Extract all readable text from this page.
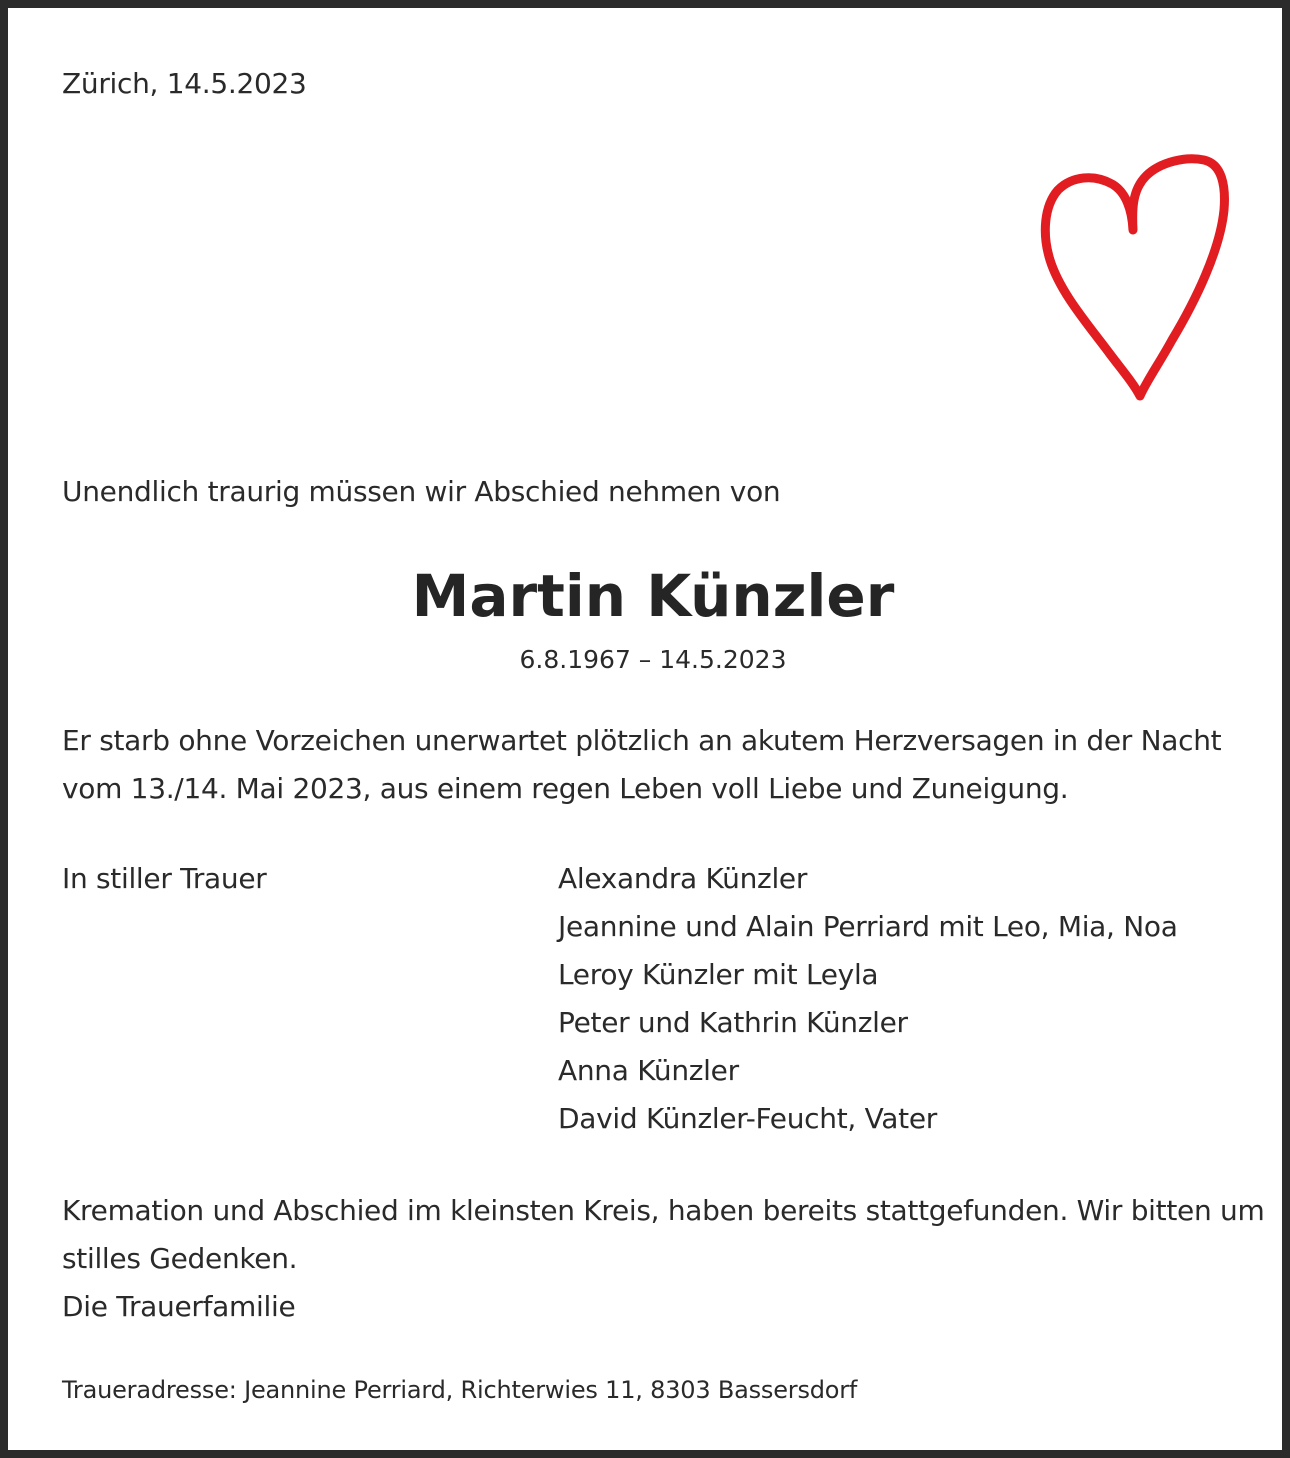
Zürich, 14.5.2023
Unendlich traurig müssen wir Abschied nehmen von
Martin Künzler
6.8.1967 – 14.5.2023
Er starb ohne Vorzeichen unerwartet plötzlich an akutem Herzversagen in der Nacht
vom 13./14. Mai 2023, aus einem regen Leben voll Liebe und Zuneigung.
In stiller Trauer	Alexandra Künzler
Jeannine und Alain Perriard mit Leo, Mia, Noa
Leroy Künzler mit Leyla
Peter und Kathrin Künzler
Anna Künzler
David Künzler-Feucht, Vater
Kremation und Abschied im kleinsten Kreis, haben bereits stattgefunden. Wir bitten um
stilles Gedenken.
Die Trauerfamilie
Traueradresse: Jeannine Perriard, Richterwies 11, 8303 Bassersdorf
